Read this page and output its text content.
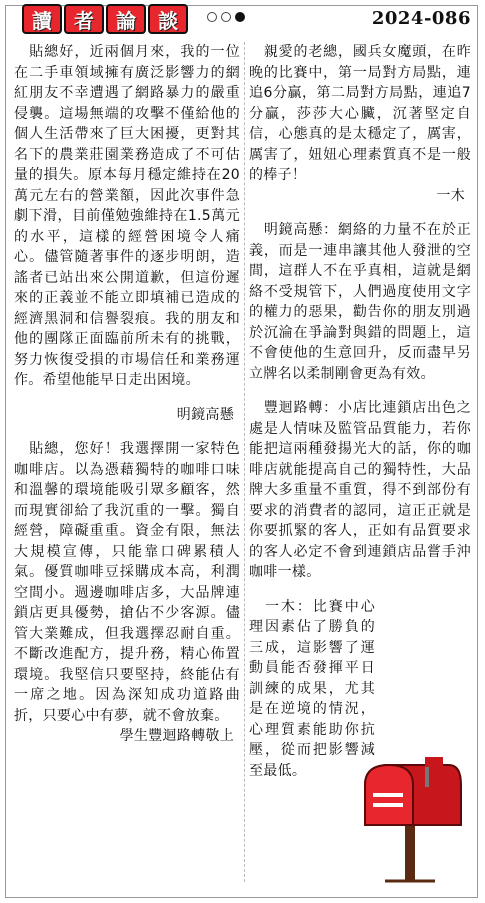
讀	者	論	談	2024-086
　貼總好，近兩個月來，我的一位在二手車領域擁有廣泛影響力的網紅朋友不幸遭遇了網路暴力的嚴重侵襲。這場無端的攻擊不僅給他的個人生活帶來了巨大困擾，更對其名下的農業莊園業務造成了不可估量的損失。原本每月穩定維持在20萬元左右的營業額，因此次事件急劇下滑，目前僅勉強維持在1.5萬元的水平，這樣的經營困境令人痛心。儘管隨著事件的逐步明朗，造謠者已站出來公開道歉，但這份遲來的正義並不能立即填補已造成的經濟黑洞和信譽裂痕。我的朋友和他的團隊正面臨前所未有的挑戰，努力恢復受損的市場信任和業務運作。希望他能早日走出困境。
明鏡高懸
　貼總，您好！我選擇開一家特色咖啡店。以為憑藉獨特的咖啡口味和溫馨的環境能吸引眾多顧客，然而現實卻給了我沉重的一擊。獨自經營，障礙重重。資金有限，無法大規模宣傳，只能靠口碑累積人氣。優質咖啡豆採購成本高，利潤空間小。週邊咖啡店多，大品牌連鎖店更具優勢，搶佔不少客源。儘管大業難成，但我選擇忍耐自重。不斷改進配方，提升務，精心佈置環境。我堅信只要堅持，終能佔有一席之地。因為深知成功道路曲折，只要心中有夢，就不會放棄。
學生豐迴路轉敬上
　親愛的老總，國兵女魔頭，在昨晚的比賽中，第一局對方局點，連追6分贏，第二局對方局點，連追7分贏，莎莎大心臟，沉著堅定自信，心態真的是太穩定了，厲害，厲害了，妞妞心理素質真不是一般的棒子！
一木
　明鏡高懸：網絡的力量不在於正義，而是一連串讓其他人發泄的空間，這群人不在乎真相，這就是網絡不受規管下，人們過度使用文字的權力的惡果，勸告你的朋友別過於沉淪在爭論對與錯的問題上，這不會使他的生意回升，反而盡早另立牌名以柔制剛會更為有效。
　豐迴路轉：小店比連鎖店出色之處是人情味及監管品質能力，若你能把這兩種發揚光大的話，你的咖啡店就能提高自己的獨特性，大品牌大多重量不重質，得不到部份有要求的消費者的認同，這正正就是你要抓緊的客人，正如有品質要求的客人必定不會到連鎖店品嘗手沖咖啡一樣。
　一木：比賽中心理因素佔了勝負的三成，這影響了運動員能否發揮平日訓練的成果，尤其是在逆境的情況，心理質素能助你抗壓，從而把影響減至最低。
